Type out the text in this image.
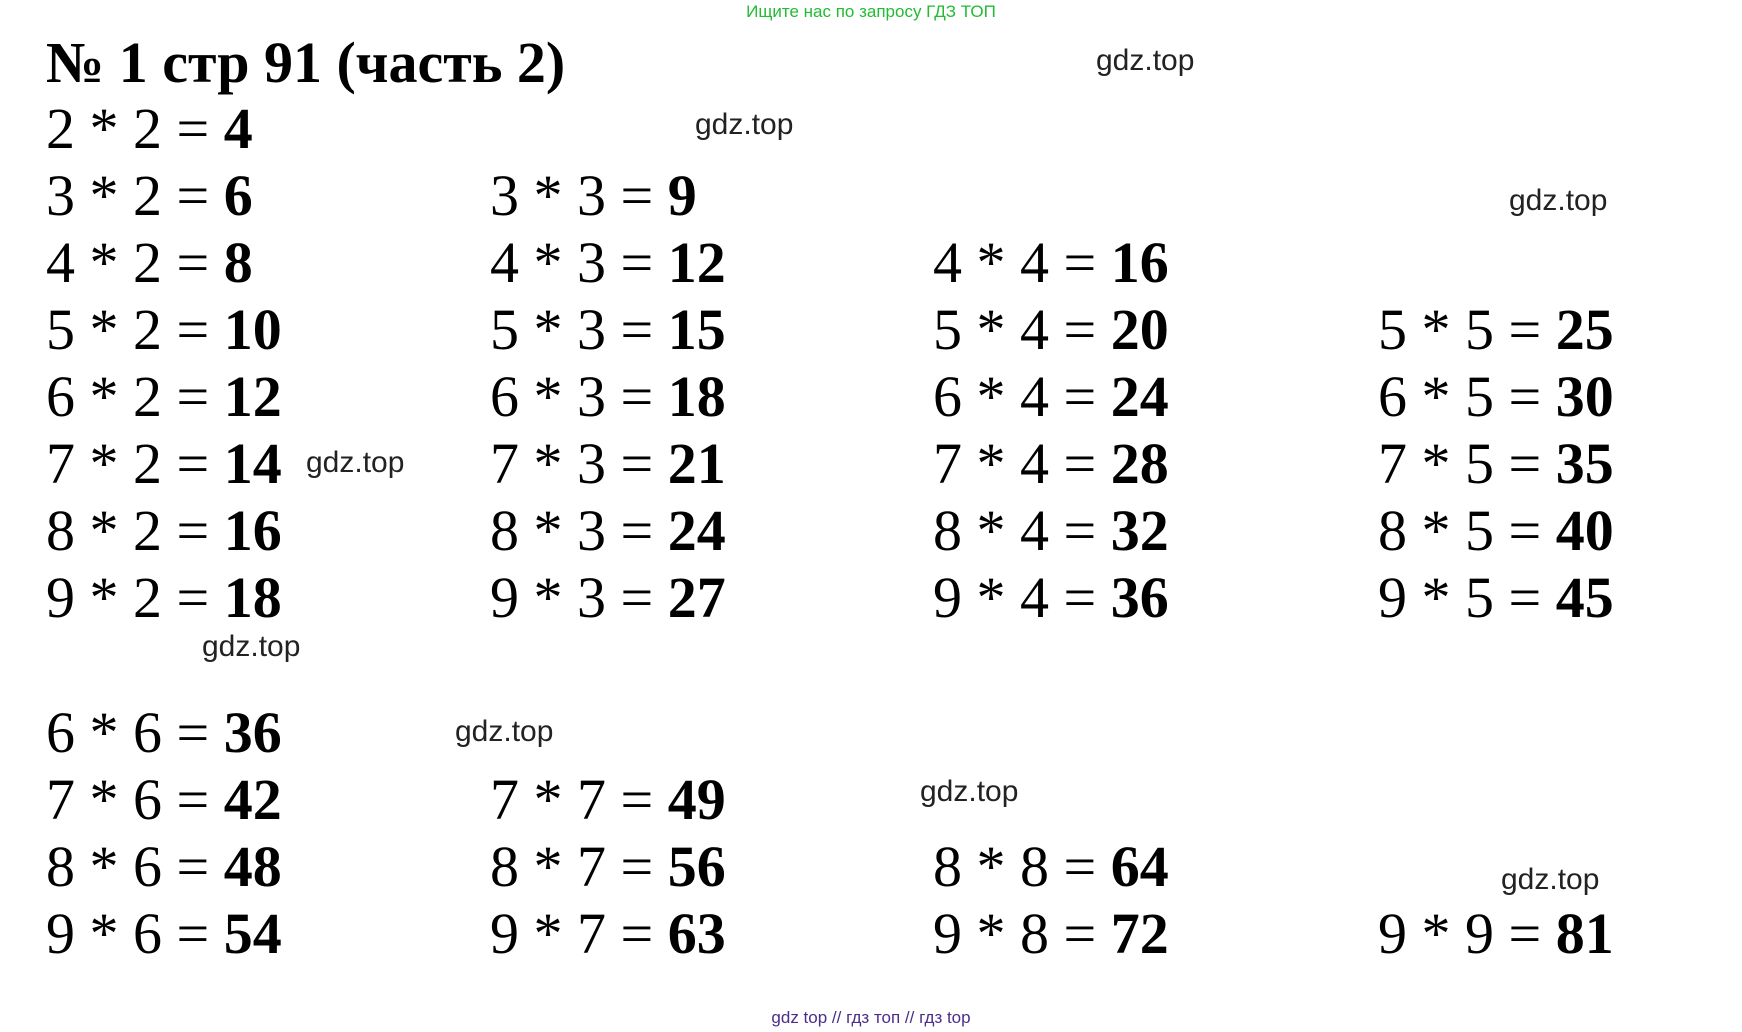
Ищите нас по запросу ГДЗ ТОП
№ 1 стр 91 (часть 2)
2 * 2 = 4
3 * 2 = 6
4 * 2 = 8
5 * 2 = 10
6 * 2 = 12
7 * 2 = 14
8 * 2 = 16
9 * 2 = 18
3 * 3 = 9
4 * 3 = 12
5 * 3 = 15
6 * 3 = 18
7 * 3 = 21
8 * 3 = 24
9 * 3 = 27
4 * 4 = 16
5 * 4 = 20
6 * 4 = 24
7 * 4 = 28
8 * 4 = 32
9 * 4 = 36
5 * 5 = 25
6 * 5 = 30
7 * 5 = 35
8 * 5 = 40
9 * 5 = 45
6 * 6 = 36
7 * 6 = 42
8 * 6 = 48
9 * 6 = 54
7 * 7 = 49
8 * 7 = 56
9 * 7 = 63
8 * 8 = 64
9 * 8 = 72	9 * 9 = 81
gdz.top
gdz.top
gdz.top
gdz.top
gdz.top
gdz.top
gdz.top
gdz.top
gdz top // гдз топ // гдз top
